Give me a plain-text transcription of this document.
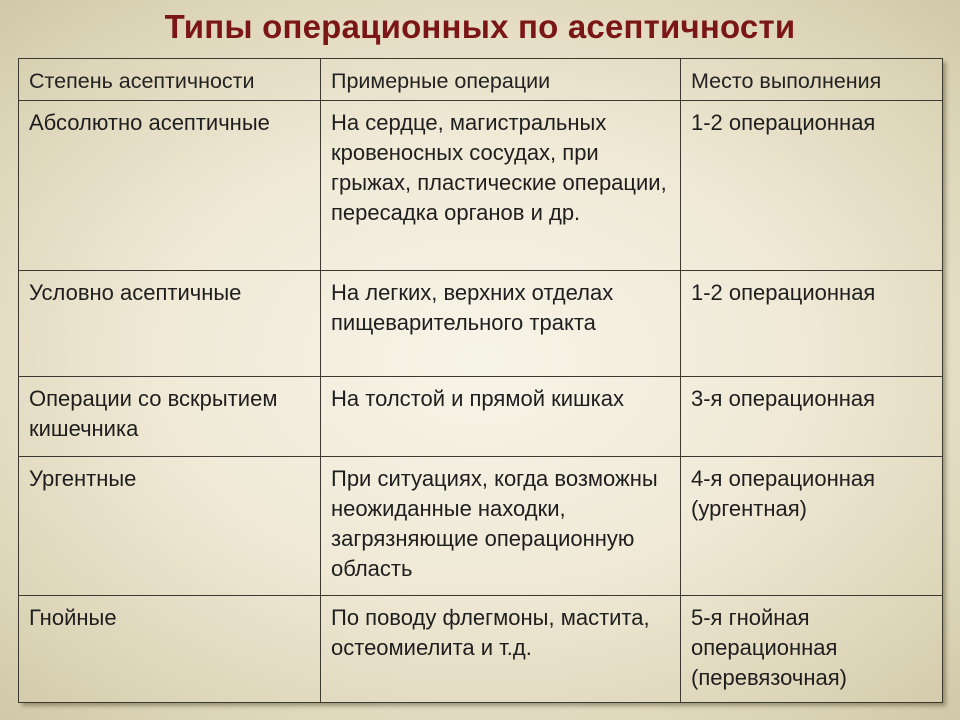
Типы операционных по асептичности
Степень асептичности	Примерные операции	Место выполнения
Абсолютно асептичные	На сердце, магистральных кровеносных сосудах, при грыжах, пластические операции, пересадка органов и др.	1-2 операционная
Условно асептичные	На легких, верхних отделах пищеварительного тракта	1-2 операционная
Операции со вскрытием кишечника	На толстой и прямой кишках	3-я операционная
Ургентные	При ситуациях, когда возможны неожиданные находки, загрязняющие операционную область	4-я операционная (ургентная)
Гнойные	По поводу флегмоны, мастита, остеомиелита и т.д.	5-я гнойная операционная (перевязочная)
